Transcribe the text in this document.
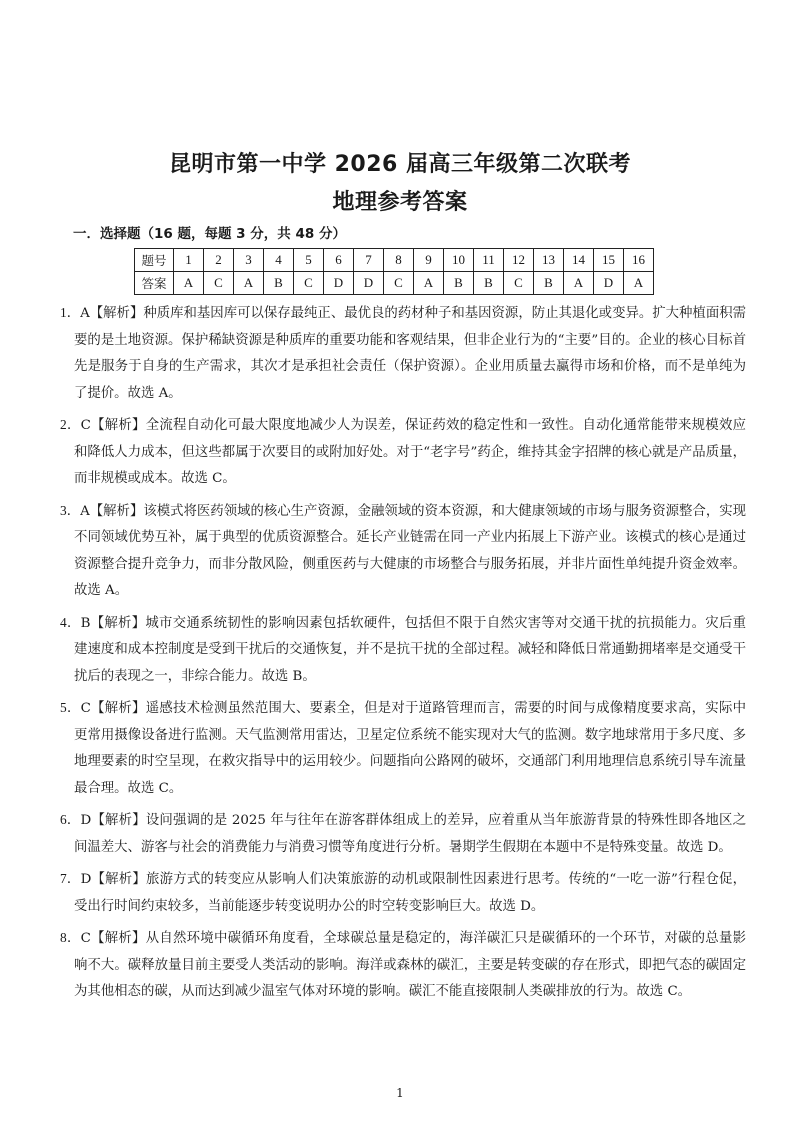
昆明市第一中学 2026 届高三年级第二次联考
地理参考答案
一．选择题（16 题，每题 3 分，共 48 分）
题号	1	2	3	4	5	6	7	8	9	10	11	12	13	14	15	16
答案	A	C	A	B	C	D	D	C	A	B	B	C	B	A	D	A

1．A【解析】种质库和基因库可以保存最纯正、最优良的药材种子和基因资源，防止其退化或变异。扩大种植面积需要的是土地资源。保护稀缺资源是种质库的重要功能和客观结果，但非企业行为的“主要”目的。企业的核心目标首先是服务于自身的生产需求，其次才是承担社会责任（保护资源）。企业用质量去赢得市场和价格，而不是单纯为了提价。故选 A。

2．C【解析】全流程自动化可最大限度地减少人为误差，保证药效的稳定性和一致性。自动化通常能带来规模效应和降低人力成本，但这些都属于次要目的或附加好处。对于“老字号”药企，维持其金字招牌的核心就是产品质量，而非规模或成本。故选 C。

3．A【解析】该模式将医药领域的核心生产资源，金融领域的资本资源，和大健康领域的市场与服务资源整合，实现不同领域优势互补，属于典型的优质资源整合。延长产业链需在同一产业内拓展上下游产业。该模式的核心是通过资源整合提升竞争力，而非分散风险，侧重医药与大健康的市场整合与服务拓展，并非片面性单纯提升资金效率。故选 A。

4．B【解析】城市交通系统韧性的影响因素包括软硬件，包括但不限于自然灾害等对交通干扰的抗损能力。灾后重建速度和成本控制度是受到干扰后的交通恢复，并不是抗干扰的全部过程。减轻和降低日常通勤拥堵率是交通受干扰后的表现之一，非综合能力。故选 B。

5．C【解析】遥感技术检测虽然范围大、要素全，但是对于道路管理而言，需要的时间与成像精度要求高，实际中更常用摄像设备进行监测。天气监测常用雷达，卫星定位系统不能实现对大气的监测。数字地球常用于多尺度、多地理要素的时空呈现，在救灾指导中的运用较少。问题指向公路网的破坏，交通部门利用地理信息系统引导车流量最合理。故选 C。

6．D【解析】设问强调的是 2025 年与往年在游客群体组成上的差异，应着重从当年旅游背景的特殊性即各地区之间温差大、游客与社会的消费能力与消费习惯等角度进行分析。暑期学生假期在本题中不是特殊变量。故选 D。

7．D【解析】旅游方式的转变应从影响人们决策旅游的动机或限制性因素进行思考。传统的“一吃一游”行程仓促，受出行时间约束较多，当前能逐步转变说明办公的时空转变影响巨大。故选 D。

8．C【解析】从自然环境中碳循环角度看，全球碳总量是稳定的，海洋碳汇只是碳循环的一个环节，对碳的总量影响不大。碳释放量目前主要受人类活动的影响。海洋或森林的碳汇，主要是转变碳的存在形式，即把气态的碳固定为其他相态的碳，从而达到减少温室气体对环境的影响。碳汇不能直接限制人类碳排放的行为。故选 C。

1
